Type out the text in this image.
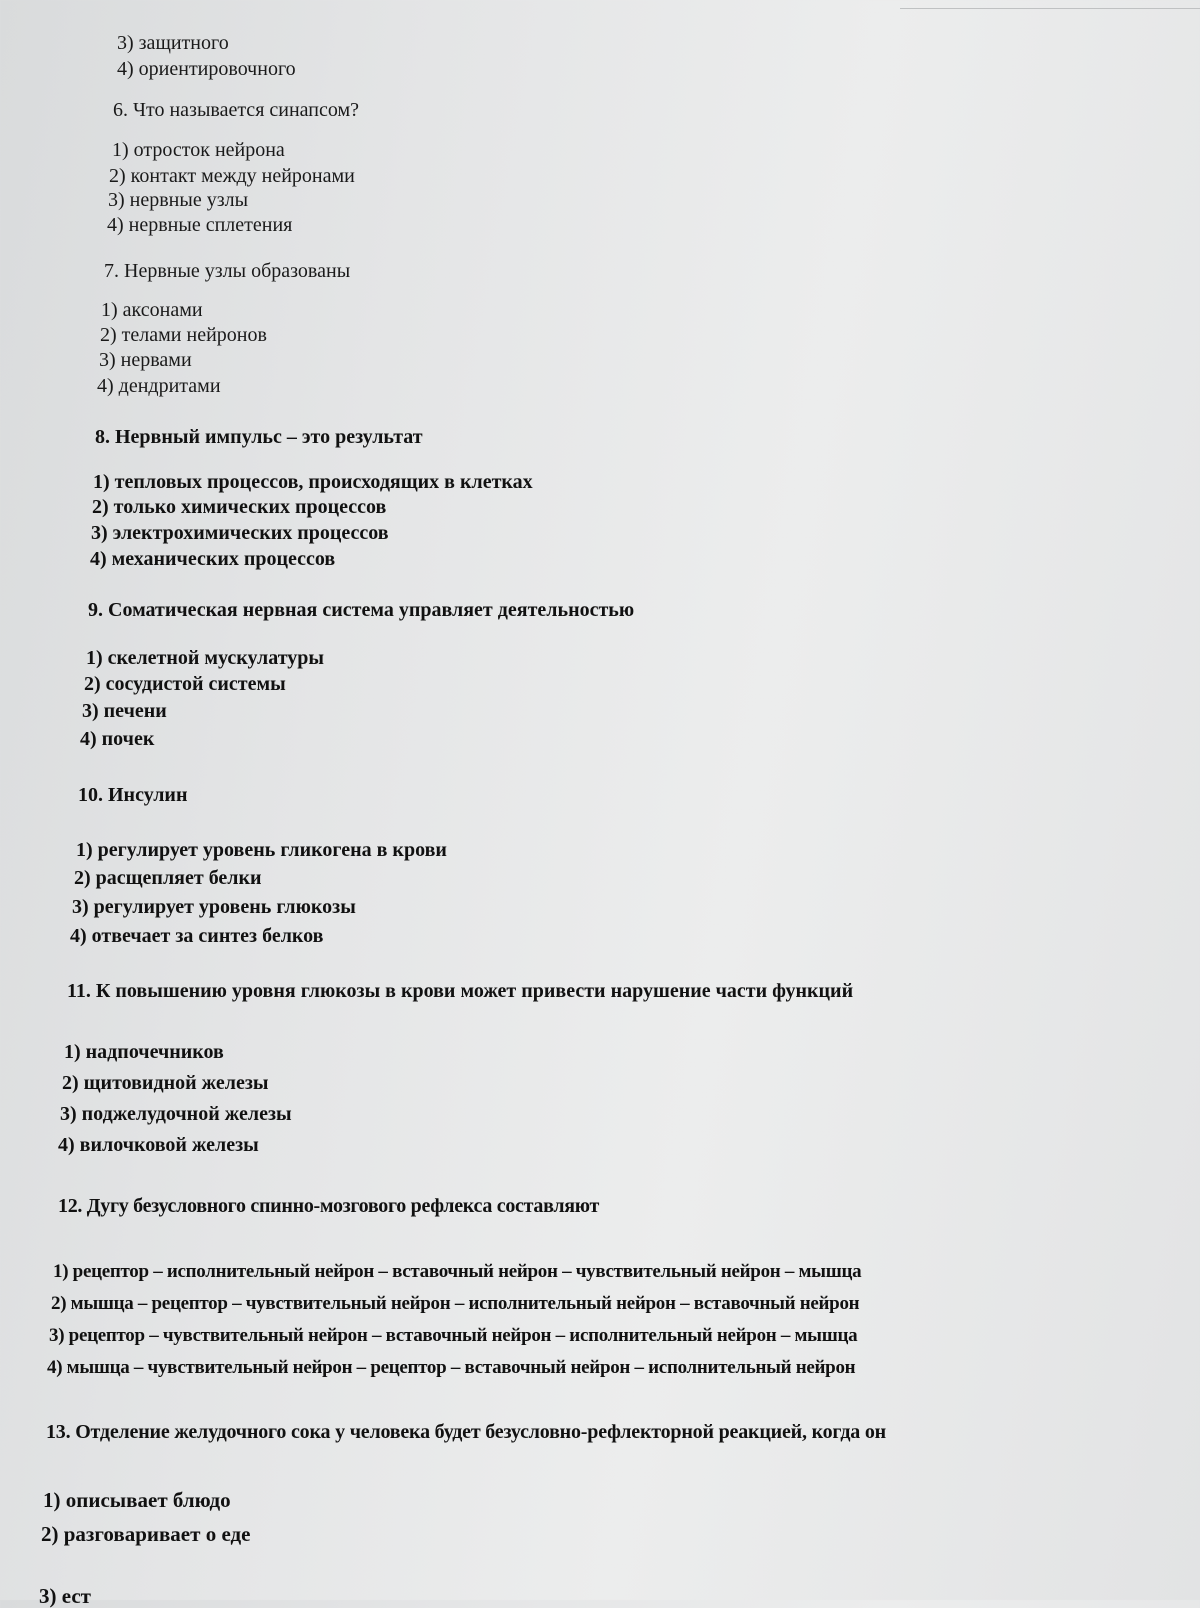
3) защитного
4) ориентировочного
6. Что называется синапсом?
1) отросток нейрона
2) контакт между нейронами
3) нервные узлы
4) нервные сплетения
7. Нервные узлы образованы
1) аксонами
2) телами нейронов
3) нервами
4) дендритами
8. Нервный импульс – это результат
1) тепловых процессов, происходящих в клетках
2) только химических процессов
3) электрохимических процессов
4) механических процессов
9. Соматическая нервная система управляет деятельностью
1) скелетной мускулатуры
2) сосудистой системы
3) печени
4) почек
10. Инсулин
1) регулирует уровень гликогена в крови
2) расщепляет белки
3) регулирует уровень глюкозы
4) отвечает за синтез белков
11. К повышению уровня глюкозы в крови может привести нарушение части функций
1) надпочечников
2) щитовидной железы
3) поджелудочной железы
4) вилочковой железы
12. Дугу безусловного спинно-мозгового рефлекса составляют
1) рецептор – исполнительный нейрон – вставочный нейрон – чувствительный нейрон – мышца
2) мышца – рецептор – чувствительный нейрон – исполнительный нейрон – вставочный нейрон
3) рецептор – чувствительный нейрон – вставочный нейрон – исполнительный нейрон – мышца
4) мышца – чувствительный нейрон – рецептор – вставочный нейрон – исполнительный нейрон
13. Отделение желудочного сока у человека будет безусловно-рефлекторной реакцией, когда он
1) описывает блюдо
2) разговаривает о еде
3) ест
